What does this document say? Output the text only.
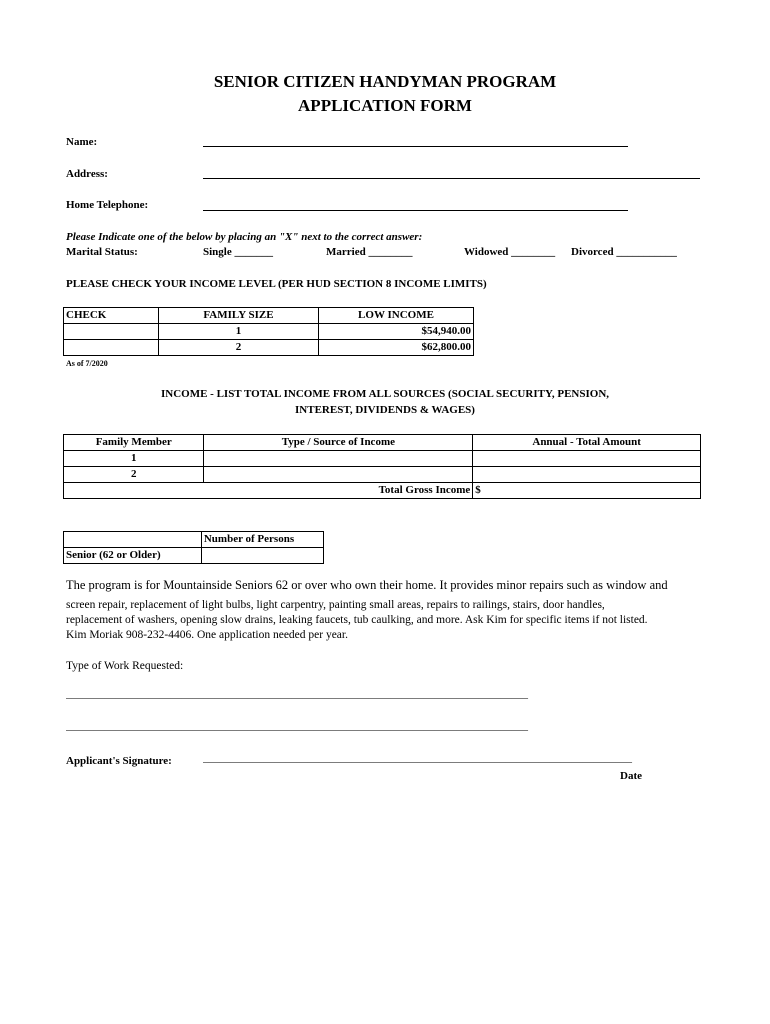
SENIOR CITIZEN HANDYMAN PROGRAM
APPLICATION FORM
Name:
Address:
Home Telephone:
Please Indicate one of the below by placing an "X" next to the correct answer:
Marital Status:	Single _______	Married ________	Widowed ________ Divorced ___________
PLEASE CHECK YOUR INCOME LEVEL (PER HUD SECTION 8 INCOME LIMITS)
CHECK	FAMILY SIZE	LOW INCOME
	1	$54,940.00
	2	$62,800.00
As of 7/2020
INCOME - LIST TOTAL INCOME FROM ALL SOURCES (SOCIAL SECURITY, PENSION,
INTEREST, DIVIDENDS & WAGES)
Family Member	Type / Source of Income	Annual - Total Amount
1		
2		
	Total Gross Income	$
	Number of Persons
Senior (62 or Older)	
The program is for Mountainside Seniors 62 or over who own their home. It provides minor repairs such as window and
screen repair, replacement of light bulbs, light carpentry, painting small areas, repairs to railings, stairs, door handles,
replacement of washers, opening slow drains, leaking faucets, tub caulking, and more. Ask Kim for specific items if not listed.
Kim Moriak 908-232-4406. One application needed per year.
Type of Work Requested:
____________________________________________________________________________________
____________________________________________________________________________________
Applicant's Signature:	______________________________________________________________________________
Date
